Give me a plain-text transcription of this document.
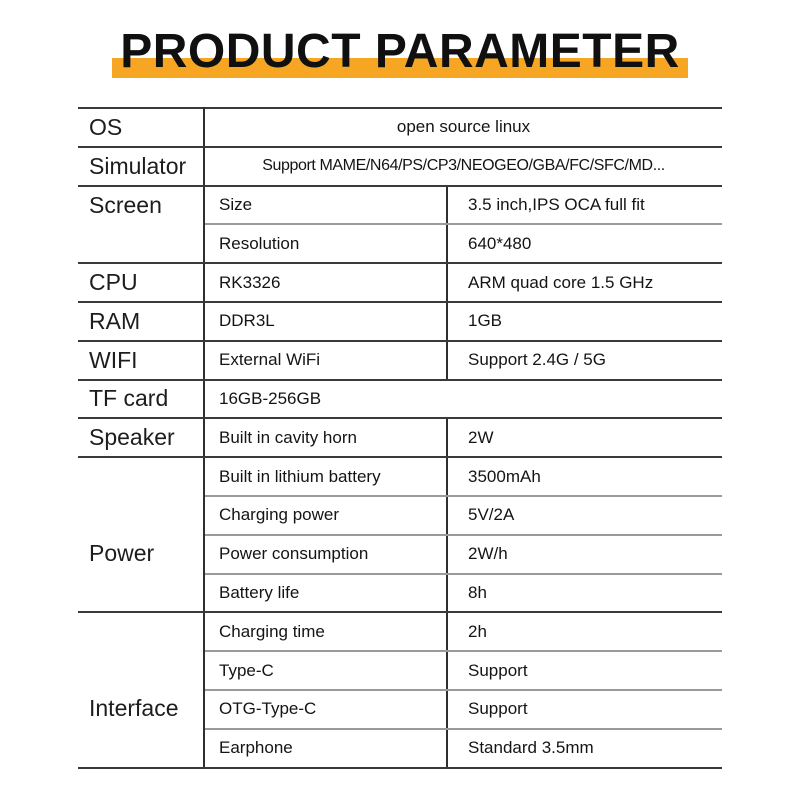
PRODUCT PARAMETER
OS	open source linux	
Simulator	Support MAME/N64/PS/CP3/NEOGEO/GBA/FC/SFC/MD...	

Screen	Size	3.5 inch,IPS OCA full fit
	Resolution	640*480
CPU	RK3326	ARM quad core 1.5 GHz
RAM	DDR3L	1GB
WIFI	External WiFi	Support 2.4G / 5G
TF card	16GB-256GB	
Speaker	Built in cavity horn	2W

Power	Built in lithium battery	3500mAh
	Charging power	5V/2A
	Power consumption	2W/h
	Battery life	8h

Interface	Charging time	2h
	Type-C	Support
	OTG-Type-C	Support
	Earphone	Standard 3.5mm
